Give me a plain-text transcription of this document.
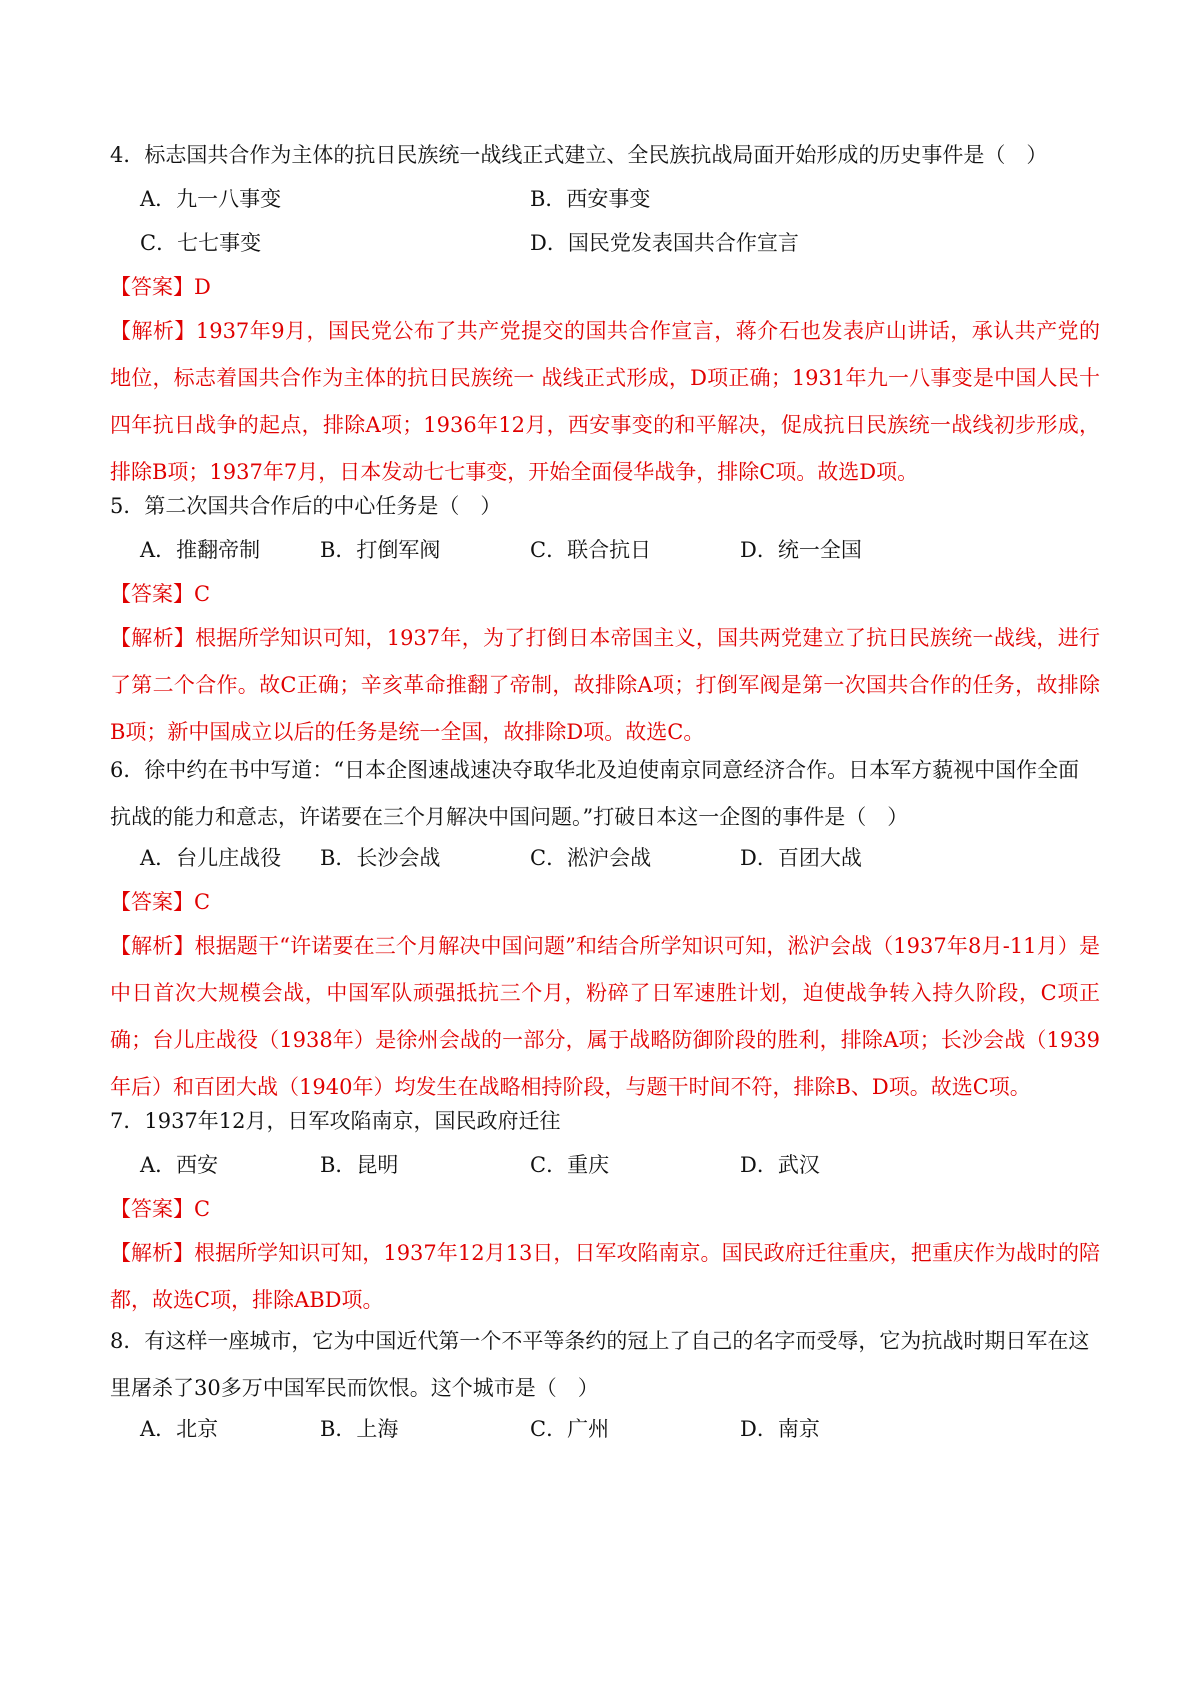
4．标志国共合作为主体的抗日民族统一战线正式建立、全民族抗战局面开始形成的历史事件是（　）

A．九一八事变	B．西安事变
C．七七事变	D．国民党发表国共合作宣言

【答案】D

【解析】1937年9月，国民党公布了共产党提交的国共合作宣言，蒋介石也发表庐山讲话，承认共产党的地位，标志着国共合作为主体的抗日民族统一 战线正式形成，D项正确；1931年九一八事变是中国人民十四年抗日战争的起点，排除A项；1936年12月，西安事变的和平解决，促成抗日民族统一战线初步形成，排除B项；1937年7月，日本发动七七事变，开始全面侵华战争，排除C项。故选D项。

5．第二次国共合作后的中心任务是（　）

A．推翻帝制	B．打倒军阀	C．联合抗日	D．统一全国

【答案】C

【解析】根据所学知识可知，1937年，为了打倒日本帝国主义，国共两党建立了抗日民族统一战线，进行了第二个合作。故C正确；辛亥革命推翻了帝制，故排除A项；打倒军阀是第一次国共合作的任务，故排除B项；新中国成立以后的任务是统一全国，故排除D项。故选C。

6．徐中约在书中写道：“日本企图速战速决夺取华北及迫使南京同意经济合作。日本军方藐视中国作全面抗战的能力和意志，许诺要在三个月解决中国问题。”打破日本这一企图的事件是（　）

A．台儿庄战役 B．长沙会战	C．淞沪会战	D．百团大战

【答案】C

【解析】根据题干“许诺要在三个月解决中国问题”和结合所学知识可知，淞沪会战（1937年8月-11月）是中日首次大规模会战，中国军队顽强抵抗三个月，粉碎了日军速胜计划，迫使战争转入持久阶段，C项正确；台儿庄战役（1938年）是徐州会战的一部分，属于战略防御阶段的胜利，排除A项；长沙会战（1939年后）和百团大战（1940年）均发生在战略相持阶段，与题干时间不符，排除B、D项。故选C项。

7．1937年12月，日军攻陷南京，国民政府迁往

A．西安	B．昆明	C．重庆	D．武汉

【答案】C

【解析】根据所学知识可知，1937年12月13日，日军攻陷南京。国民政府迁往重庆，把重庆作为战时的陪都，故选C项，排除ABD项。

8．有这样一座城市，它为中国近代第一个不平等条约的冠上了自己的名字而受辱，它为抗战时期日军在这里屠杀了30多万中国军民而饮恨。这个城市是（　）

A．北京	B．上海	C．广州	D．南京
